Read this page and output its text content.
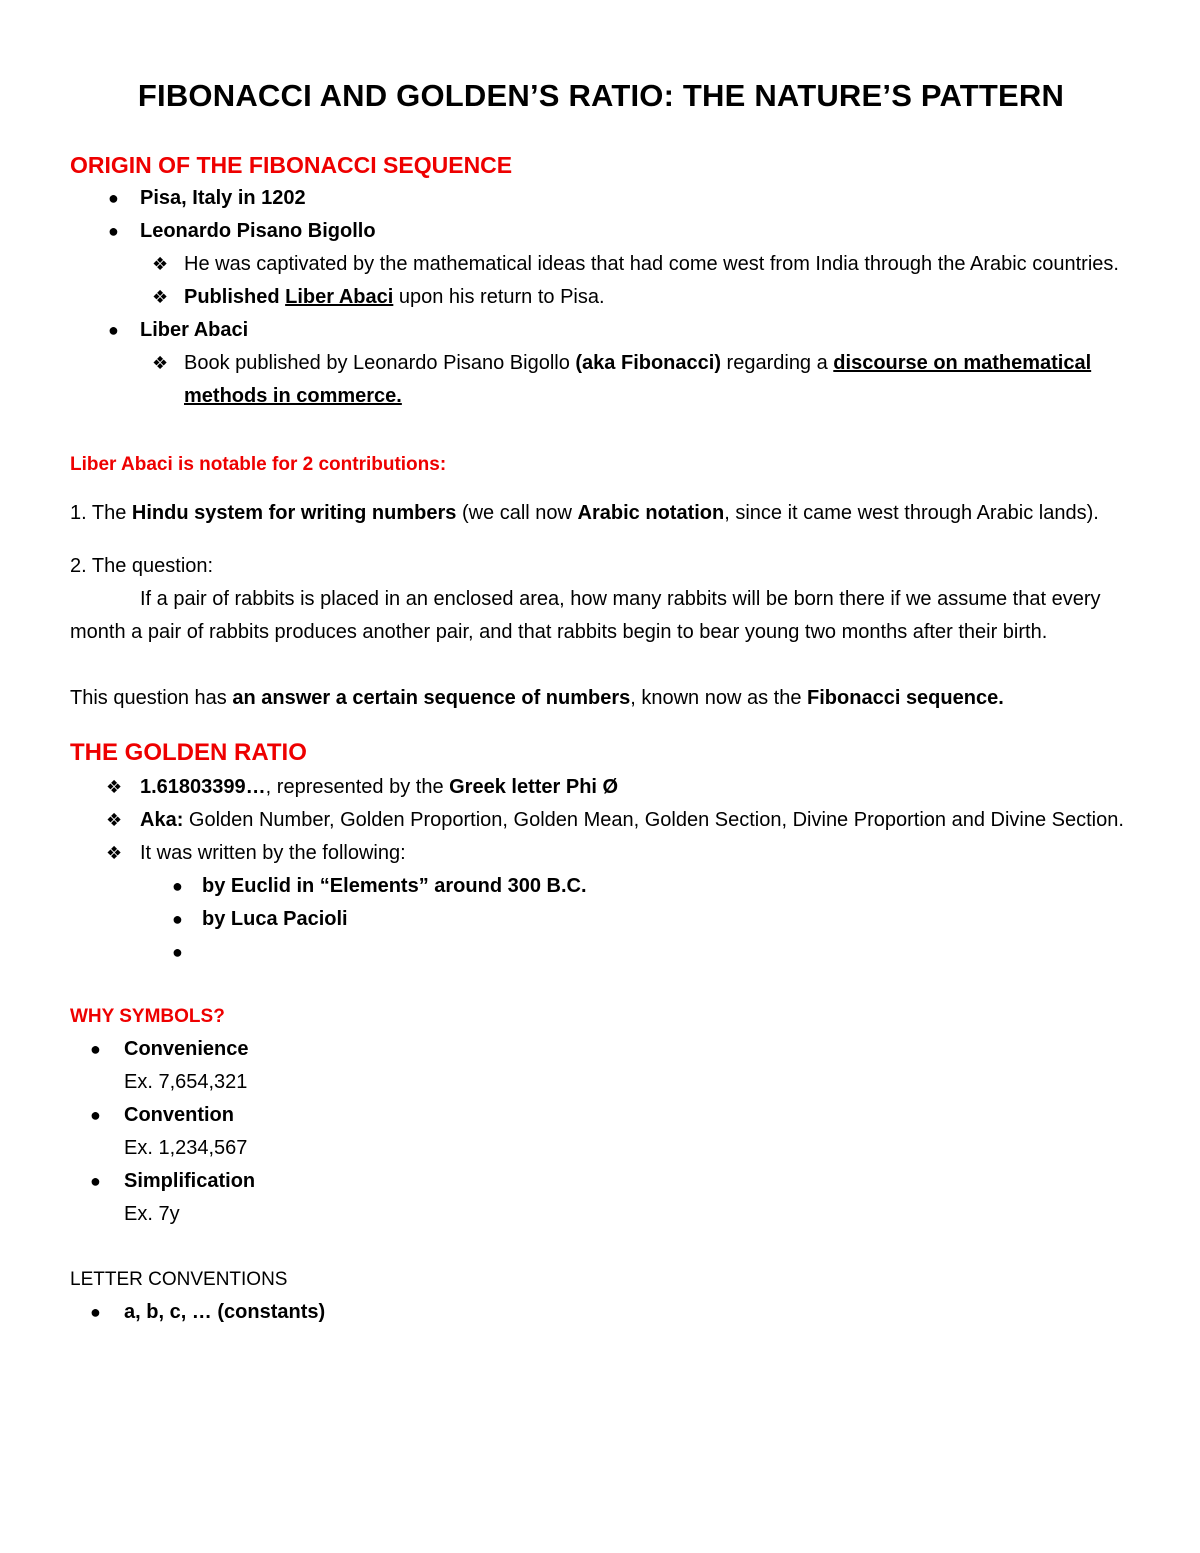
FIBONACCI AND GOLDEN’S RATIO: THE NATURE’S PATTERN
ORIGIN OF THE FIBONACCI SEQUENCE
● Pisa, Italy in 1202
● Leonardo Pisano Bigollo
❖ He was captivated by the mathematical ideas that had come west from India through the Arabic countries.
❖ Published Liber Abaci upon his return to Pisa.
● Liber Abaci
❖ Book published by Leonardo Pisano Bigollo (aka Fibonacci) regarding a discourse on mathematical methods in commerce.
Liber Abaci is notable for 2 contributions:

1. The Hindu system for writing numbers (we call now Arabic notation, since it came west through Arabic lands).

2. The question:

If a pair of rabbits is placed in an enclosed area, how many rabbits will be born there if we assume that every month a pair of rabbits produces another pair, and that rabbits begin to bear young two months after their birth.

This question has an answer a certain sequence of numbers, known now as the Fibonacci sequence.

THE GOLDEN RATIO
❖ 1.61803399…, represented by the Greek letter Phi Ø
❖ Aka: Golden Number, Golden Proportion, Golden Mean, Golden Section, Divine Proportion and Divine Section.
❖ It was written by the following:
● by Euclid in “Elements” around 300 B.C.
● by Luca Pacioli
●

WHY SYMBOLS?
● Convenience
Ex. 7,654,321
● Convention
Ex. 1,234,567
● Simplification
Ex. 7y

LETTER CONVENTIONS

● a, b, c, … (constants)
